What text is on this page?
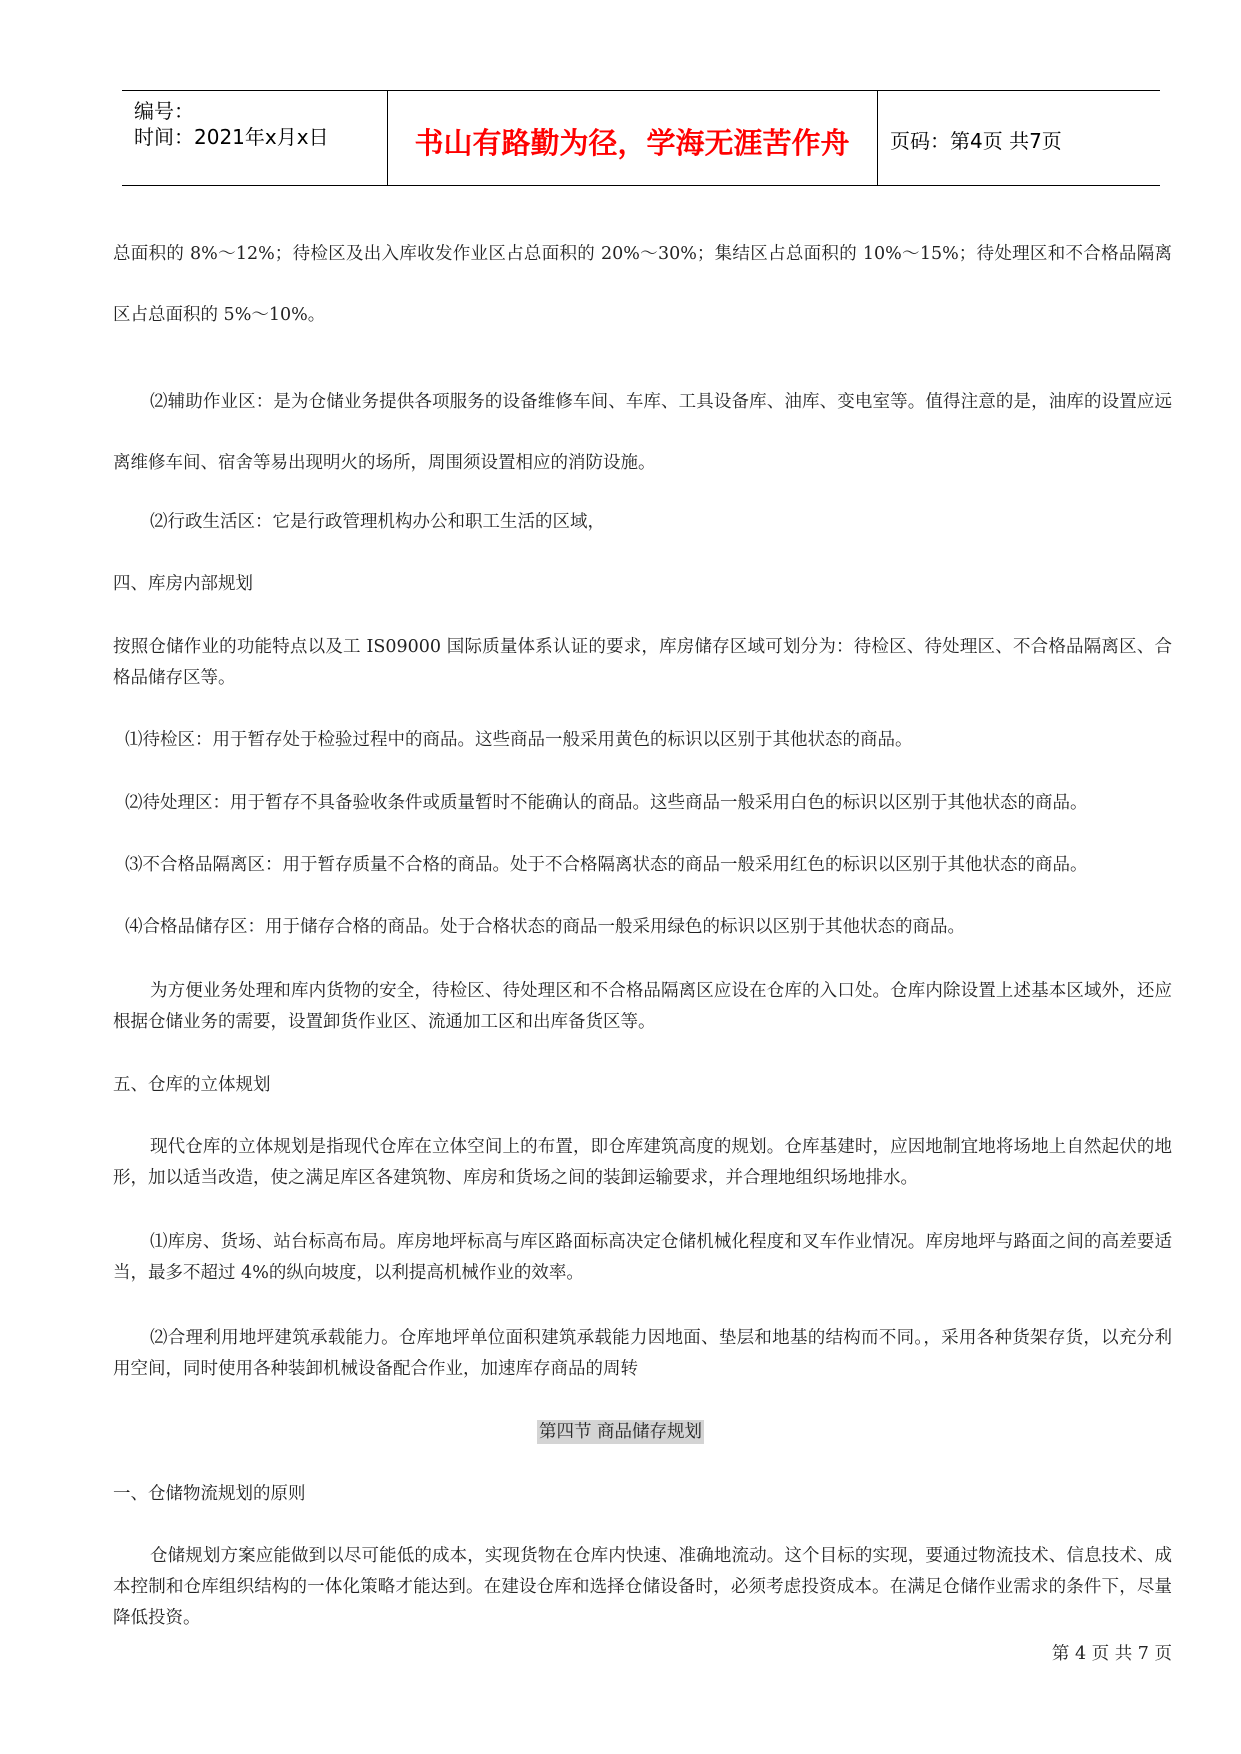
编号：
时间：2021年x月x日	书山有路勤为径，学海无涯苦作舟	页码：第4页 共7页
总面积的 8%～12%；待检区及出入库收发作业区占总面积的 20%～30%；集结区占总面积的 10%～15%；待处理区和不合格品隔离区占总面积的 5%～10%。
⑵辅助作业区：是为仓储业务提供各项服务的设备维修车间、车库、工具设备库、油库、变电室等。值得注意的是，油库的设置应远离维修车间、宿舍等易出现明火的场所，周围须设置相应的消防设施。
⑵行政生活区：它是行政管理机构办公和职工生活的区域，
四、库房内部规划
按照仓储作业的功能特点以及工 IS09000 国际质量体系认证的要求，库房储存区域可划分为：待检区、待处理区、不合格品隔离区、合格品储存区等。
⑴待检区：用于暂存处于检验过程中的商品。这些商品一般采用黄色的标识以区别于其他状态的商品。
⑵待处理区：用于暂存不具备验收条件或质量暂时不能确认的商品。这些商品一般采用白色的标识以区别于其他状态的商品。
⑶不合格品隔离区：用于暂存质量不合格的商品。处于不合格隔离状态的商品一般采用红色的标识以区别于其他状态的商品。
⑷合格品储存区：用于储存合格的商品。处于合格状态的商品一般采用绿色的标识以区别于其他状态的商品。
为方便业务处理和库内货物的安全，待检区、待处理区和不合格品隔离区应设在仓库的入口处。仓库内除设置上述基本区域外，还应根据仓储业务的需要，设置卸货作业区、流通加工区和出库备货区等。
五、仓库的立体规划
现代仓库的立体规划是指现代仓库在立体空间上的布置，即仓库建筑高度的规划。仓库基建时，应因地制宜地将场地上自然起伏的地形，加以适当改造，使之满足库区各建筑物、库房和货场之间的装卸运输要求，并合理地组织场地排水。
⑴库房、货场、站台标高布局。库房地坪标高与库区路面标高决定仓储机械化程度和叉车作业情况。库房地坪与路面之间的高差要适当，最多不超过 4%的纵向坡度，以利提高机械作业的效率。
⑵合理利用地坪建筑承载能力。仓库地坪单位面积建筑承载能力因地面、垫层和地基的结构而不同。，采用各种货架存货，以充分利用空间，同时使用各种装卸机械设备配合作业，加速库存商品的周转
第四节 商品储存规划
一、仓储物流规划的原则
仓储规划方案应能做到以尽可能低的成本，实现货物在仓库内快速、准确地流动。这个目标的实现，要通过物流技术、信息技术、成本控制和仓库组织结构的一体化策略才能达到。在建设仓库和选择仓储设备时，必须考虑投资成本。在满足仓储作业需求的条件下，尽量降低投资。
第 4 页 共 7 页
